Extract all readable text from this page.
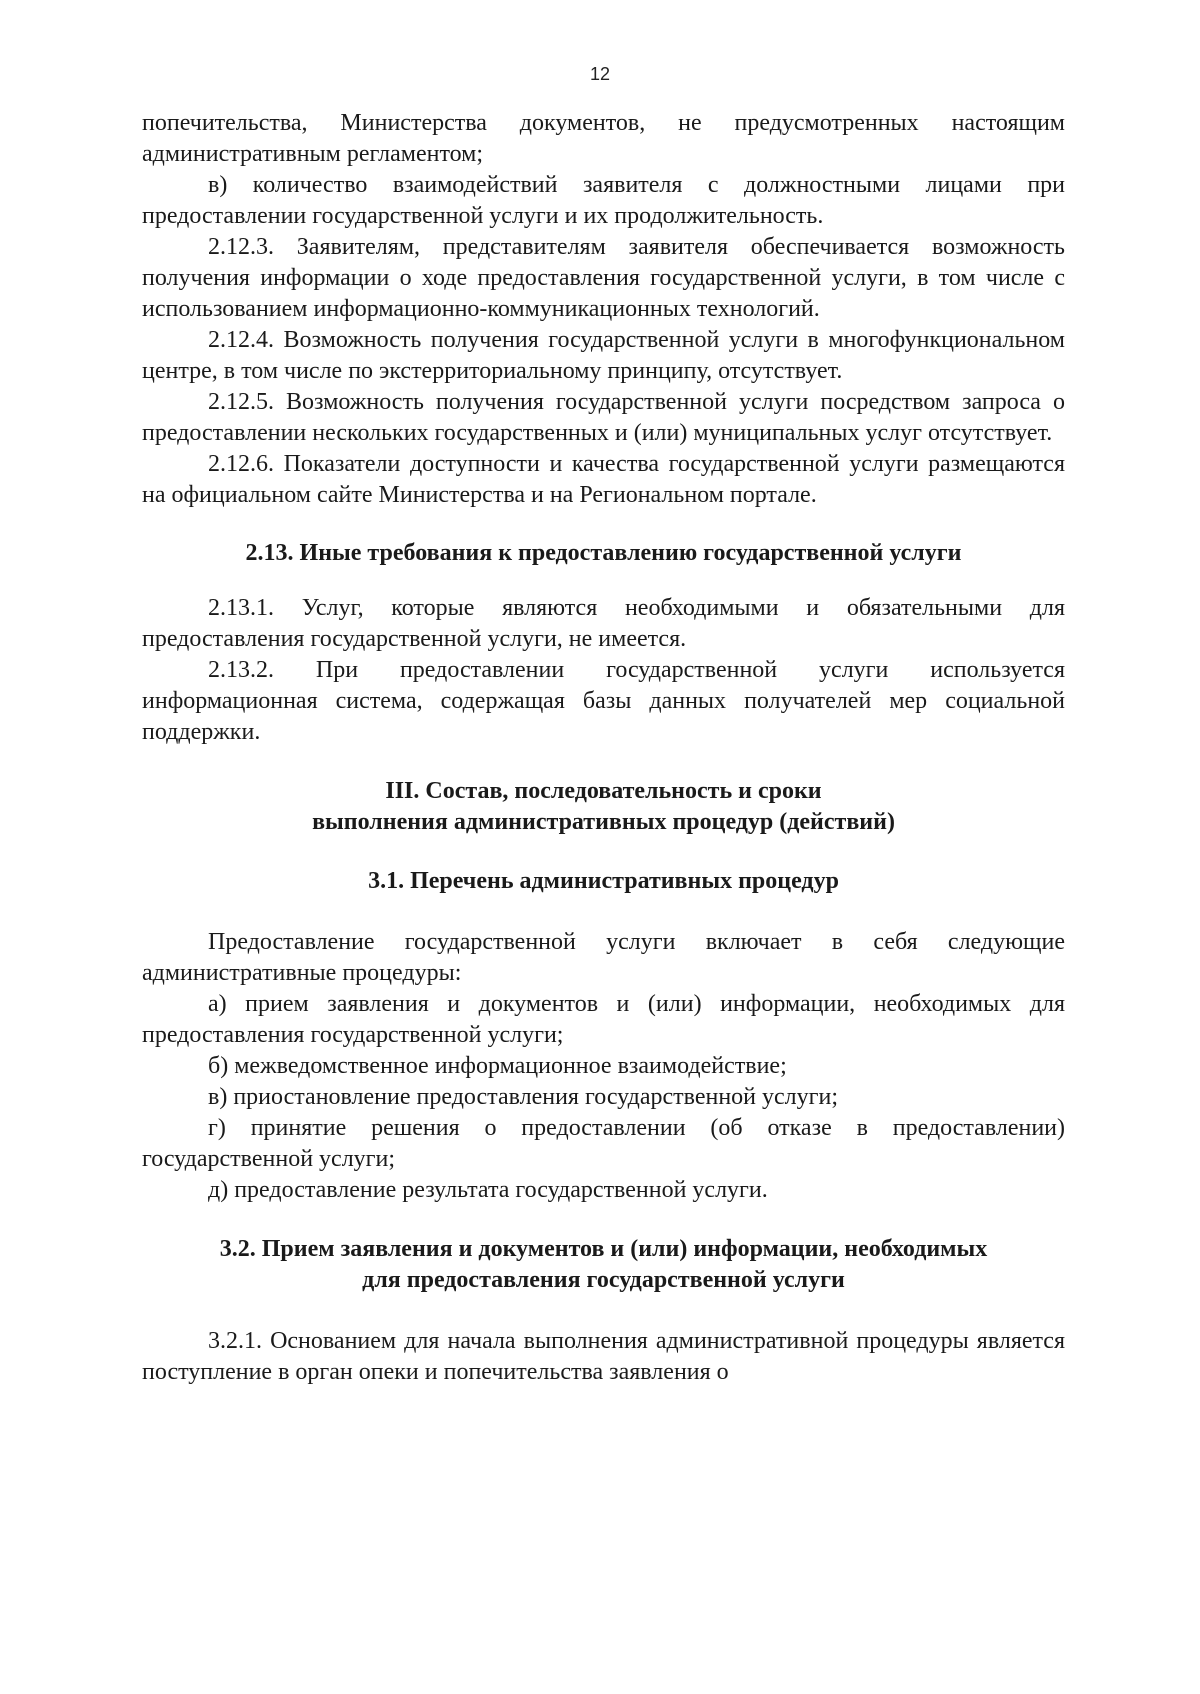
12

попечительства, Министерства документов, не предусмотренных настоящим административным регламентом;

в) количество взаимодействий заявителя с должностными лицами при предоставлении государственной услуги и их продолжительность.

2.12.3. Заявителям, представителям заявителя обеспечивается возможность получения информации о ходе предоставления государственной услуги, в том числе с использованием информационно-коммуникационных технологий.

2.12.4. Возможность получения государственной услуги в многофункциональном центре, в том числе по экстерриториальному принципу, отсутствует.

2.12.5. Возможность получения государственной услуги посредством запроса о предоставлении нескольких государственных и (или) муниципальных услуг отсутствует.

2.12.6. Показатели доступности и качества государственной услуги размещаются на официальном сайте Министерства и на Региональном портале.

2.13. Иные требования к предоставлению государственной услуги

2.13.1. Услуг, которые являются необходимыми и обязательными для предоставления государственной услуги, не имеется.

2.13.2. При предоставлении государственной услуги используется информационная система, содержащая базы данных получателей мер социальной поддержки.

III. Состав, последовательность и сроки

выполнения административных процедур (действий)

3.1. Перечень административных процедур

Предоставление государственной услуги включает в себя следующие административные процедуры:

а) прием заявления и документов и (или) информации, необходимых для предоставления государственной услуги;

б) межведомственное информационное взаимодействие;

в) приостановление предоставления государственной услуги;

г) принятие решения о предоставлении (об отказе в предоставлении) государственной услуги;

д) предоставление результата государственной услуги.

3.2. Прием заявления и документов и (или) информации, необходимых

для предоставления государственной услуги

3.2.1. Основанием для начала выполнения административной процедуры является поступление в орган опеки и попечительства заявления о
